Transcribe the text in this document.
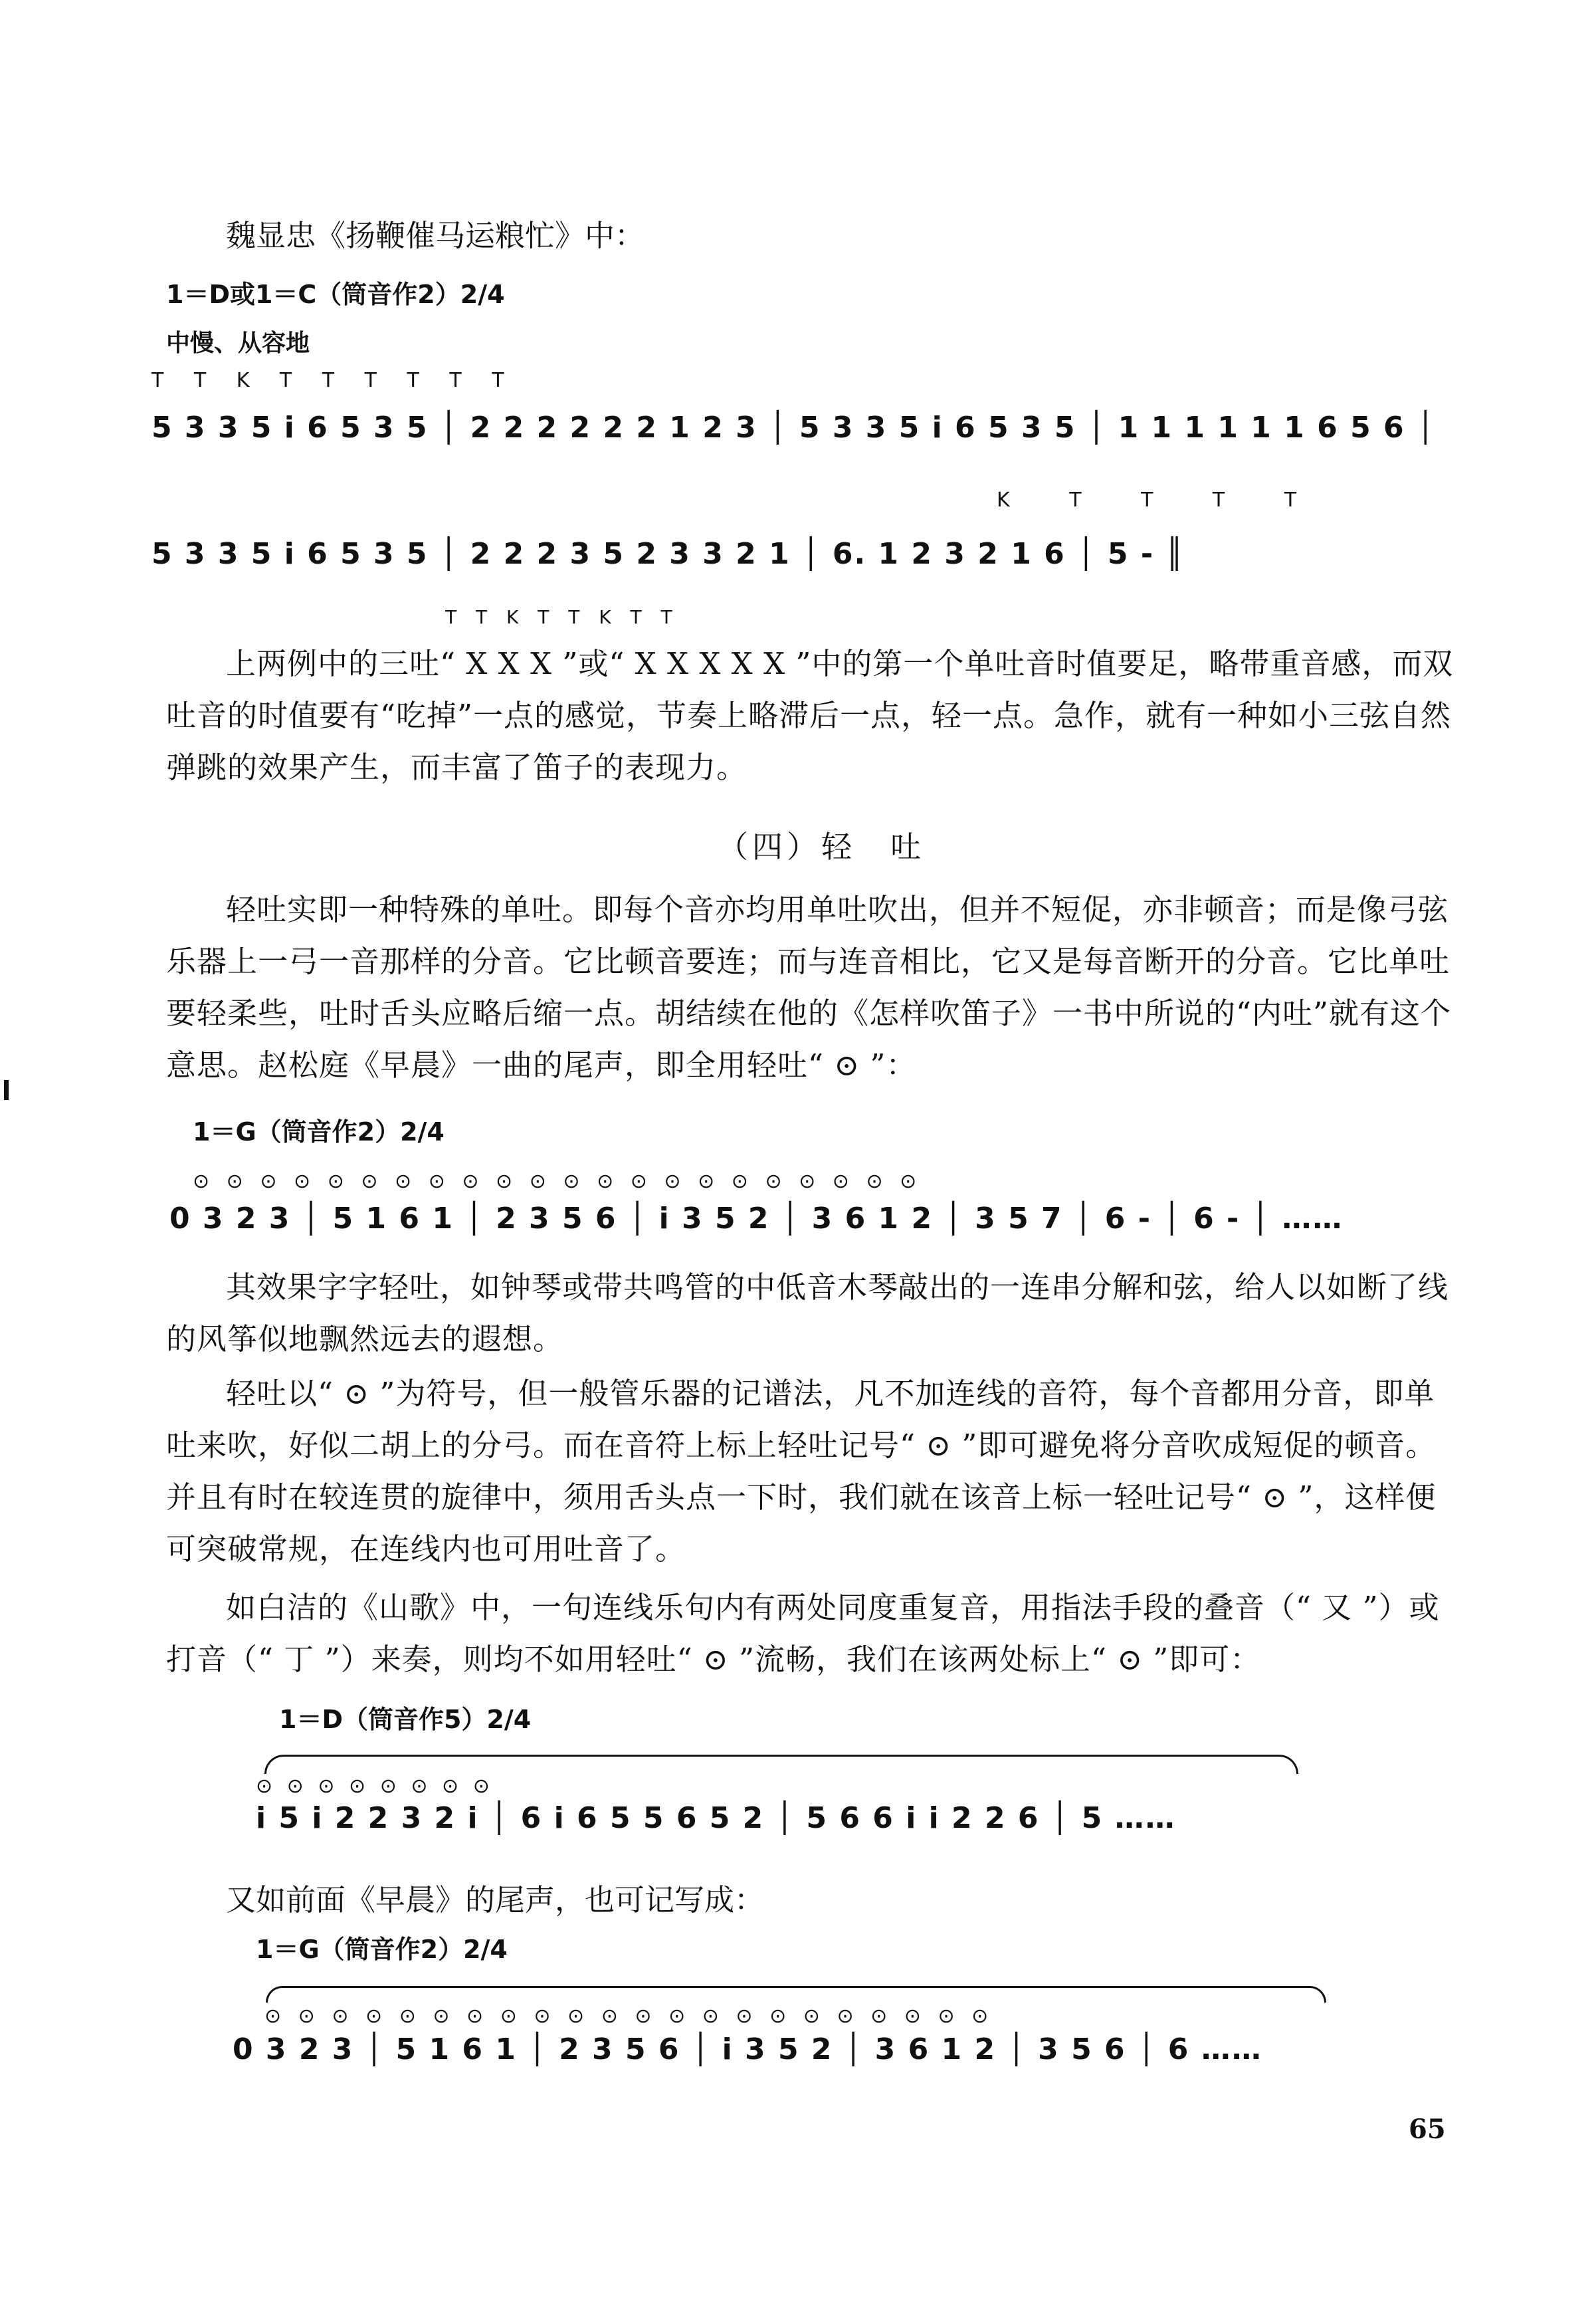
魏显忠《扬鞭催马运粮忙》中：
1＝D或1＝C（筒音作2）2/4
中慢、从容地
T T K T T T T T T
5 3 3 5 i 6 5 3 5 │ 2 2 2 2 2 2 1 2 3 │ 5 3 3 5 i 6 5 3 5 │ 1 1 1 1 1 1 6 5 6 │
K T T T T
5 3 3 5 i 6 5 3 5 │ 2 2 2 3 5 2 3 3 2 1 │ 6. 1 2 3 2 1 6 │ 5 - ║
T T K T T K T T
上两例中的三吐“ X X X ”或“ X X X X X ”中的第一个单吐音时值要足，略带重音感，而双吐音的时值要有“吃掉”一点的感觉，节奏上略滞后一点，轻一点。急作，就有一种如小三弦自然弹跳的效果产生，而丰富了笛子的表现力。
（四）轻　吐
轻吐实即一种特殊的单吐。即每个音亦均用单吐吹出，但并不短促，亦非顿音；而是像弓弦乐器上一弓一音那样的分音。它比顿音要连；而与连音相比，它又是每音断开的分音。它比单吐要轻柔些，吐时舌头应略后缩一点。胡结续在他的《怎样吹笛子》一书中所说的“内吐”就有这个意思。赵松庭《早晨》一曲的尾声，即全用轻吐“ ⊙ ”：
1＝G（筒音作2）2/4
⊙ ⊙ ⊙ ⊙ ⊙ ⊙ ⊙ ⊙ ⊙ ⊙ ⊙ ⊙ ⊙ ⊙ ⊙ ⊙ ⊙ ⊙ ⊙ ⊙ ⊙ ⊙
0 3 2 3 │ 5 1 6 1 │ 2 3 5 6 │ i 3 5 2 │ 3 6 1 2 │ 3 5 7 │ 6 - │ 6 - │ ……
其效果字字轻吐，如钟琴或带共鸣管的中低音木琴敲出的一连串分解和弦，给人以如断了线的风筝似地飘然远去的遐想。
轻吐以“ ⊙ ”为符号，但一般管乐器的记谱法，凡不加连线的音符，每个音都用分音，即单吐来吹，好似二胡上的分弓。而在音符上标上轻吐记号“ ⊙ ”即可避免将分音吹成短促的顿音。并且有时在较连贯的旋律中，须用舌头点一下时，我们就在该音上标一轻吐记号“ ⊙ ”，这样便可突破常规，在连线内也可用吐音了。
如白洁的《山歌》中，一句连线乐句内有两处同度重复音，用指法手段的叠音（“ 又 ”）或打音（“ 丁 ”）来奏，则均不如用轻吐“ ⊙ ”流畅，我们在该两处标上“ ⊙ ”即可：
1＝D（筒音作5）2/4
⊙ ⊙ ⊙ ⊙ ⊙ ⊙ ⊙ ⊙
i 5 i 2 2 3 2 i │ 6 i 6 5 5 6 5 2 │ 5 6 6 i i 2 2 6 │ 5 ……
又如前面《早晨》的尾声，也可记写成：
1＝G（筒音作2）2/4
⊙ ⊙ ⊙ ⊙ ⊙ ⊙ ⊙ ⊙ ⊙ ⊙ ⊙ ⊙ ⊙ ⊙ ⊙ ⊙ ⊙ ⊙ ⊙ ⊙ ⊙ ⊙
0 3 2 3 │ 5 1 6 1 │ 2 3 5 6 │ i 3 5 2 │ 3 6 1 2 │ 3 5 6 │ 6 ……
65
